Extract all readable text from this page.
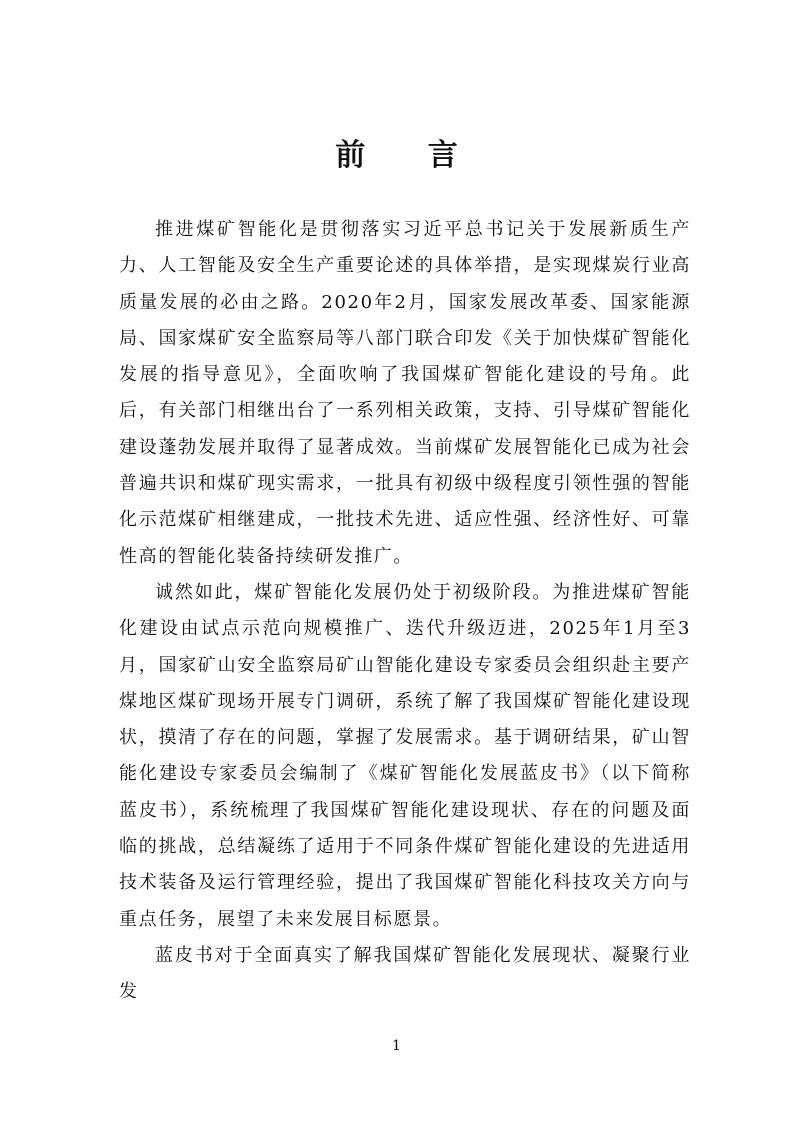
前 言

推进煤矿智能化是贯彻落实习近平总书记关于发展新质生产力、人工智能及安全生产重要论述的具体举措，是实现煤炭行业高质量发展的必由之路。2020年2月，国家发展改革委、国家能源局、国家煤矿安全监察局等八部门联合印发《关于加快煤矿智能化发展的指导意见》，全面吹响了我国煤矿智能化建设的号角。此后，有关部门相继出台了一系列相关政策，支持、引导煤矿智能化建设蓬勃发展并取得了显著成效。当前煤矿发展智能化已成为社会普遍共识和煤矿现实需求，一批具有初级中级程度引领性强的智能化示范煤矿相继建成，一批技术先进、适应性强、经济性好、可靠性高的智能化装备持续研发推广。

诚然如此，煤矿智能化发展仍处于初级阶段。为推进煤矿智能化建设由试点示范向规模推广、迭代升级迈进，2025年1月至3月，国家矿山安全监察局矿山智能化建设专家委员会组织赴主要产煤地区煤矿现场开展专门调研，系统了解了我国煤矿智能化建设现状，摸清了存在的问题，掌握了发展需求。基于调研结果，矿山智能化建设专家委员会编制了《煤矿智能化发展蓝皮书》（以下简称蓝皮书），系统梳理了我国煤矿智能化建设现状、存在的问题及面临的挑战，总结凝练了适用于不同条件煤矿智能化建设的先进适用技术装备及运行管理经验，提出了我国煤矿智能化科技攻关方向与重点任务，展望了未来发展目标愿景。

蓝皮书对于全面真实了解我国煤矿智能化发展现状、凝聚行业发

1
